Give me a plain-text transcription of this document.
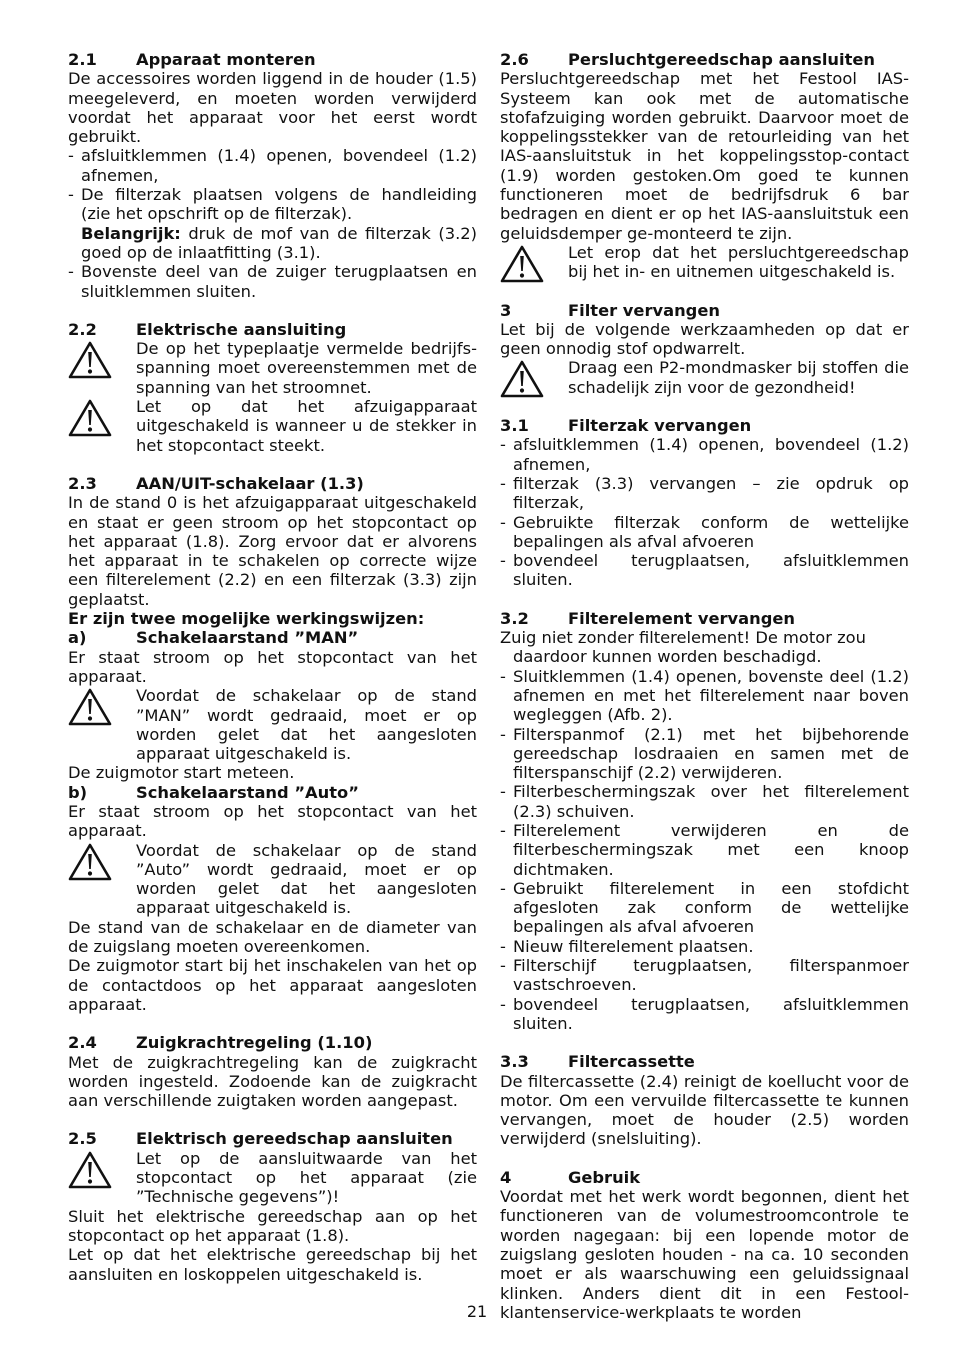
2.1	Apparaat monteren

De accessoires worden liggend in de houder (1.5) meegeleverd, en moeten worden verwijderd voordat het apparaat voor het eerst wordt gebruikt.

- afsluitklemmen (1.4) openen, bovendeel (1.2) afnemen,
- De filterzak plaatsen volgens de handleiding (zie het opschrift op de filterzak).
Belangrijk: druk de mof van de filterzak (3.2) goed op de inlaatfitting (3.1).
- Bovenste deel van de zuiger terugplaatsen en sluitklemmen sluiten.
2.2	Elektrische aansluiting
De op het typeplaatje vermelde bedrijfs-spanning moet overeenstemmen met de spanning van het stroomnet.
Let op dat het afzuigapparaat uitgeschakeld is wanneer u de stekker in het stopcontact steekt.
2.3	AAN/UIT-schakelaar (1.3)

In de stand 0 is het afzuigapparaat uitgeschakeld en staat er geen stroom op het stopcontact op het apparaat (1.8). Zorg ervoor dat er alvorens het apparaat in te schakelen op correcte wijze een filterelement (2.2) en een filterzak (3.3) zijn geplaatst.

Er zijn twee mogelijke werkingswijzen:
a)	Schakelaarstand ”MAN”

Er staat stroom op het stopcontact van het apparaat.

Voordat de schakelaar op de stand ”MAN” wordt gedraaid, moet er op worden gelet dat het aangesloten apparaat uitgeschakeld is.

De zuigmotor start meteen.

b)	Schakelaarstand ”Auto”

Er staat stroom op het stopcontact van het apparaat.

Voordat de schakelaar op de stand ”Auto” wordt gedraaid, moet er op worden gelet dat het aangesloten apparaat uitgeschakeld is.

De stand van de schakelaar en de diameter van de zuigslang moeten overeenkomen.

De zuigmotor start bij het inschakelen van het op de contactdoos op het apparaat aangesloten apparaat.

2.4	Zuigkrachtregeling (1.10)

Met de zuigkrachtregeling kan de zuigkracht worden ingesteld. Zodoende kan de zuigkracht aan verschillende zuigtaken worden aangepast.

2.5	Elektrisch gereedschap aansluiten
Let op de aansluitwaarde van het stopcontact op het apparaat (zie ”Technische gegevens”)!

Sluit het elektrische gereedschap aan op het stopcontact op het apparaat (1.8).

Let op dat het elektrische gereedschap bij het aansluiten en loskoppelen uitgeschakeld is.

2.6	Persluchtgereedschap aansluiten

Persluchtgereedschap met het Festool IAS-Systeem kan ook met de automatische stofafzuiging worden gebruikt. Daarvoor moet de koppelingsstekker van de retourleiding van het IAS-aansluitstuk in het koppelingsstop-contact (1.9) worden gestoken.Om goed te kunnen functioneren moet de bedrijfsdruk 6 bar bedragen en dient er op het IAS-aansluitstuk een geluidsdemper ge-monteerd te zijn.

Let erop dat het persluchtgereedschap bij het in- en uitnemen uitgeschakeld is.
3	Filter vervangen

Let bij de volgende werkzaamheden op dat er geen onnodig stof opdwarrelt.

Draag een P2-mondmasker bij stoffen die schadelijk zijn voor de gezondheid!
3.1	Filterzak vervangen
- afsluitklemmen (1.4) openen, bovendeel (1.2) afnemen,
- filterzak (3.3) vervangen – zie opdruk op filterzak,
- Gebruikte filterzak conform de wettelijke bepalingen als afval afvoeren
- bovendeel terugplaatsen, afsluitklemmen sluiten.
3.2	Filterelement vervangen

Zuig niet zonder filterelement! De motor zou

daardoor kunnen worden beschadigd.
- Sluitklemmen (1.4) openen, bovenste deel (1.2) afnemen en met het filterelement naar boven wegleggen (Afb. 2).
- Filterspanmof (2.1) met het bijbehorende gereedschap losdraaien en samen met de filterspanschijf (2.2) verwijderen.
- Filterbeschermingszak over het filterelement (2.3) schuiven.
- Filterelement verwijderen en de filterbeschermingszak met een knoop dichtmaken.
- Gebruikt filterelement in een stofdicht afgesloten zak conform de wettelijke bepalingen als afval afvoeren
- Nieuw filterelement plaatsen.
- Filterschijf terugplaatsen, filterspanmoer vastschroeven.
- bovendeel terugplaatsen, afsluitklemmen sluiten.
3.3	Filtercassette

De filtercassette (2.4) reinigt de koellucht voor de motor. Om een vervuilde filtercassette te kunnen vervangen, moet de houder (2.5) worden verwijderd (snelsluiting).

4	Gebruik

Voordat met het werk wordt begonnen, dient het functioneren van de volumestroomcontrole te worden nagegaan: bij een lopende motor de zuigslang gesloten houden - na ca. 10 seconden moet er als waarschuwing een geluidssignaal klinken. Anders dient dit in een Festool-klantenservice-werkplaats te worden

21
